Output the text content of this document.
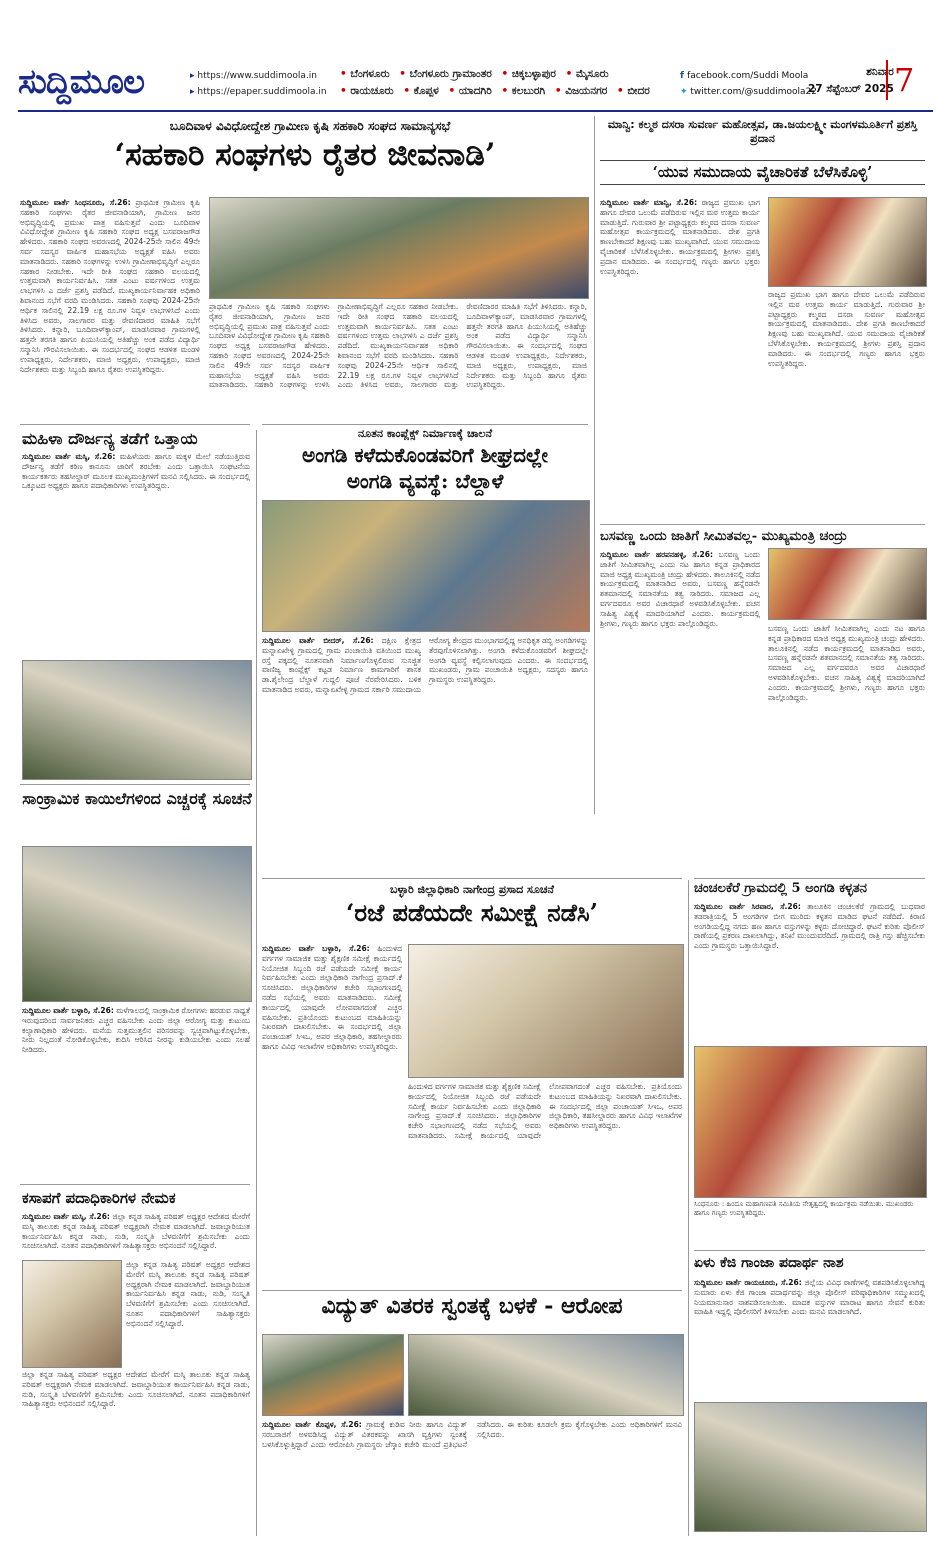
ಸುದ್ದಿಮೂಲ	▸ https://www.suddimoola.in
▸ https://epaper.suddimoola.in
• ಬೆಂಗಳೂರು • ಬೆಂಗಳೂರು ಗ್ರಾಮಾಂತರ • ಚಿಕ್ಕಬಳ್ಳಾಪುರ • ಮೈಸೂರು
• ರಾಯಚೂರು • ಕೊಪ್ಪಳ • ಯಾದಗಿರಿ • ಕಲಬುರಗಿ • ವಿಜಯನಗರ • ಬೀದರ
f facebook.com/Suddi Moola
✦ twitter.com/@suddimoola22
ಶನಿವಾರ
27 ಸೆಪ್ಟೆಂಬರ್ 2025 7
ಬೂದಿವಾಳ ವಿವಿಧೋದ್ದೇಶ ಗ್ರಾಮೀಣ ಕೃಷಿ ಸಹಕಾರಿ ಸಂಘದ ಸಾಮಾನ್ಯಸಭೆ
‘ಸಹಕಾರಿ ಸಂಘಗಳು ರೈತರ ಜೀವನಾಡಿ’

ಸುದ್ದಿಮೂಲ ವಾರ್ತೆ ಸಿಂಧನೂರು, ಸೆ.26: ಪ್ರಾಥಮಿಕ ಗ್ರಾಮೀಣ ಕೃಷಿ ಸಹಕಾರಿ ಸಂಘಗಳು ರೈತರ ಜೀವನಾಡಿಯಾಗಿ, ಗ್ರಾಮೀಣ ಜನರ ಅಭಿವೃದ್ಧಿಯಲ್ಲಿ ಪ್ರಮುಖ ಪಾತ್ರ ವಹಿಸುತ್ತವೆ ಎಂದು ಬೂದಿವಾಳ ವಿವಿಧೋದ್ದೇಶ ಗ್ರಾಮೀಣ ಕೃಷಿ ಸಹಕಾರಿ ಸಂಘದ ಅಧ್ಯಕ್ಷ ಬಸವರಾಜಗೌಡ ಹೇಳಿದರು. ಸಹಕಾರಿ ಸಂಘದ ಅವರಣದಲ್ಲಿ 2024-25ನೇ ಸಾಲಿನ 49ನೇ ಸರ್ವ ಸದಸ್ಯರ ವಾರ್ಷಿಕ ಮಹಾಸಭೆಯ ಅಧ್ಯಕ್ಷತೆ ವಹಿಸಿ ಅವರು ಮಾತನಾಡಿದರು. ಸಹಕಾರಿ ಸಂಘಗಳನ್ನು ಉಳಿಸಿ ಗ್ರಾಮೀಣಾಭಿವೃದ್ಧಿಗೆ ಎಲ್ಲರೂ ಸಹಕಾರ ನೀಡಬೇಕು. ಇದೇ ರೀತಿ ಸಂಘದ ಸಹಕಾರಿ ವಲಯದಲ್ಲಿ ಉತ್ತಮವಾಗಿ ಕಾರ್ಯನಿರ್ವಹಿಸಿ. ಸತತ ಎಂಟು ವರ್ಷಗಳಿಂದ ಉತ್ತಮ ಲಾಭಗಳಿಸಿ ಎ ದರ್ಜೆ ಪ್ರಶಸ್ತಿ ಪಡೆದಿದೆ. ಮುಖ್ಯಕಾರ್ಯನಿರ್ವಾಹಕ ಅಧಿಕಾರಿ ಶಿವಾನಂದ ಸಭೆಗೆ ವರದಿ ಮಂಡಿಸಿದರು. ಸಹಕಾರಿ ಸಂಘವು 2024-25ನೇ ಆರ್ಥಿಕ ಸಾಲಿನಲ್ಲಿ 22.19 ಲಕ್ಷ ರೂ.ಗಳ ನಿವ್ವಳ ಲಾಭಗಳಿಸಿದೆ ಎಂದು ತಿಳಿಸಿದ ಅವರು, ಸಾಲಗಾರರ ಮತ್ತು ಠೇವಣಿದಾರರ ಮಾಹಿತಿ ಸಭೆಗೆ ತಿಳಿಸಿದರು. ಕನ್ನಾರಿ, ಬೂದಿವಾಳ್‌ಕ್ಯಾಂಪ್, ಮಾಡಸಿರವಾರ ಗ್ರಾಮಗಳಲ್ಲಿ ಹತ್ತನೇ ತರಗತಿ ಹಾಗೂ ಪಿಯುಸಿಯಲ್ಲಿ ಅತಿಹೆಚ್ಚು ಅಂಕ ಪಡೆದ ವಿದ್ಯಾರ್ಥಿ ಸನ್ಮಾನಿಸಿ ಗೌರವಿಸಲಾಯಿತು. ಈ ಸಂದರ್ಭದಲ್ಲಿ ಸಂಘದ ಆಡಳಿತ ಮಂಡಳಿ ಉಪಾಧ್ಯಕ್ಷರು, ನಿರ್ದೇಶಕರು, ಮಾಜಿ ಅಧ್ಯಕ್ಷರು, ಉಪಾಧ್ಯಕ್ಷರು, ಮಾಜಿ ನಿರ್ದೇಶಕರು ಮತ್ತು ಸಿಬ್ಬಂದಿ ಹಾಗೂ ರೈತರು ಉಪಸ್ಥಿತರಿದ್ದರು.

ಪ್ರಾಥಮಿಕ ಗ್ರಾಮೀಣ ಕೃಷಿ ಸಹಕಾರಿ ಸಂಘಗಳು ರೈತರ ಜೀವನಾಡಿಯಾಗಿ, ಗ್ರಾಮೀಣ ಜನರ ಅಭಿವೃದ್ಧಿಯಲ್ಲಿ ಪ್ರಮುಖ ಪಾತ್ರ ವಹಿಸುತ್ತವೆ ಎಂದು ಬೂದಿವಾಳ ವಿವಿಧೋದ್ದೇಶ ಗ್ರಾಮೀಣ ಕೃಷಿ ಸಹಕಾರಿ ಸಂಘದ ಅಧ್ಯಕ್ಷ ಬಸವರಾಜಗೌಡ ಹೇಳಿದರು. ಸಹಕಾರಿ ಸಂಘದ ಅವರಣದಲ್ಲಿ 2024-25ನೇ ಸಾಲಿನ 49ನೇ ಸರ್ವ ಸದಸ್ಯರ ವಾರ್ಷಿಕ ಮಹಾಸಭೆಯ ಅಧ್ಯಕ್ಷತೆ ವಹಿಸಿ ಅವರು ಮಾತನಾಡಿದರು. ಸಹಕಾರಿ ಸಂಘಗಳನ್ನು ಉಳಿಸಿ ಗ್ರಾಮೀಣಾಭಿವೃದ್ಧಿಗೆ ಎಲ್ಲರೂ ಸಹಕಾರ ನೀಡಬೇಕು. ಇದೇ ರೀತಿ ಸಂಘದ ಸಹಕಾರಿ ವಲಯದಲ್ಲಿ ಉತ್ತಮವಾಗಿ ಕಾರ್ಯನಿರ್ವಹಿಸಿ. ಸತತ ಎಂಟು ವರ್ಷಗಳಿಂದ ಉತ್ತಮ ಲಾಭಗಳಿಸಿ ಎ ದರ್ಜೆ ಪ್ರಶಸ್ತಿ ಪಡೆದಿದೆ. ಮುಖ್ಯಕಾರ್ಯನಿರ್ವಾಹಕ ಅಧಿಕಾರಿ ಶಿವಾನಂದ ಸಭೆಗೆ ವರದಿ ಮಂಡಿಸಿದರು. ಸಹಕಾರಿ ಸಂಘವು 2024-25ನೇ ಆರ್ಥಿಕ ಸಾಲಿನಲ್ಲಿ 22.19 ಲಕ್ಷ ರೂ.ಗಳ ನಿವ್ವಳ ಲಾಭಗಳಿಸಿದೆ ಎಂದು ತಿಳಿಸಿದ ಅವರು, ಸಾಲಗಾರರ ಮತ್ತು ಠೇವಣಿದಾರರ ಮಾಹಿತಿ ಸಭೆಗೆ ತಿಳಿಸಿದರು. ಕನ್ನಾರಿ, ಬೂದಿವಾಳ್‌ಕ್ಯಾಂಪ್, ಮಾಡಸಿರವಾರ ಗ್ರಾಮಗಳಲ್ಲಿ ಹತ್ತನೇ ತರಗತಿ ಹಾಗೂ ಪಿಯುಸಿಯಲ್ಲಿ ಅತಿಹೆಚ್ಚು ಅಂಕ ಪಡೆದ ವಿದ್ಯಾರ್ಥಿ ಸನ್ಮಾನಿಸಿ ಗೌರವಿಸಲಾಯಿತು. ಈ ಸಂದರ್ಭದಲ್ಲಿ ಸಂಘದ ಆಡಳಿತ ಮಂಡಳಿ ಉಪಾಧ್ಯಕ್ಷರು, ನಿರ್ದೇಶಕರು, ಮಾಜಿ ಅಧ್ಯಕ್ಷರು, ಉಪಾಧ್ಯಕ್ಷರು, ಮಾಜಿ ನಿರ್ದೇಶಕರು ಮತ್ತು ಸಿಬ್ಬಂದಿ ಹಾಗೂ ರೈತರು ಉಪಸ್ಥಿತರಿದ್ದರು.

ಮಾನ್ವಿ: ಕಲ್ಮಠ ದಸರಾ ಸುವರ್ಣ ಮಹೋತ್ಸವ, ಡಾ.ಜಯಲಕ್ಷ್ಮೀ ಮಂಗಳಮೂರ್ತಿಗೆ ಪ್ರಶಸ್ತಿ ಪ್ರದಾನ
‘ಯುವ ಸಮುದಾಯ ವೈಚಾರಿಕತೆ ಬೆಳೆಸಿಕೊಳ್ಳಿ’

ಸುದ್ದಿಮೂಲ ವಾರ್ತೆ ಮಾನ್ವಿ, ಸೆ.26: ರಾಜ್ಯದ ಪ್ರಮುಖ ಭಾಗ ಹಾಗೂ ದೇವರ ಒಲುಮೆ ಪಡೆದಿರುವ ಇಲ್ಲಿನ ಮಠ ಉತ್ತಮ ಕಾರ್ಯ ಮಾಡುತ್ತಿದೆ. ಗುರುವಾರ ಶ್ರೀ ಪಟ್ಟಾಧ್ಯಕ್ಷರು ಕಲ್ಮಠದ ದಸರಾ ಸುವರ್ಣ ಮಹೋತ್ಸವ ಕಾರ್ಯಕ್ರಮದಲ್ಲಿ ಮಾತನಾಡಿದರು. ದೇಶ ಪ್ರಗತಿ ಕಾಣಬೇಕಾದರೆ ಶಿಕ್ಷಣವು ಬಹು ಮುಖ್ಯವಾಗಿದೆ. ಯುವ ಸಮುದಾಯ ವೈಚಾರಿಕತೆ ಬೆಳೆಸಿಕೊಳ್ಳಬೇಕು. ಕಾರ್ಯಕ್ರಮದಲ್ಲಿ ಶ್ರೀಗಳು ಪ್ರಶಸ್ತಿ ಪ್ರದಾನ ಮಾಡಿದರು. ಈ ಸಂದರ್ಭದಲ್ಲಿ ಗಣ್ಯರು ಹಾಗೂ ಭಕ್ತರು ಉಪಸ್ಥಿತರಿದ್ದರು.

ರಾಜ್ಯದ ಪ್ರಮುಖ ಭಾಗ ಹಾಗೂ ದೇವರ ಒಲುಮೆ ಪಡೆದಿರುವ ಇಲ್ಲಿನ ಮಠ ಉತ್ತಮ ಕಾರ್ಯ ಮಾಡುತ್ತಿದೆ. ಗುರುವಾರ ಶ್ರೀ ಪಟ್ಟಾಧ್ಯಕ್ಷರು ಕಲ್ಮಠದ ದಸರಾ ಸುವರ್ಣ ಮಹೋತ್ಸವ ಕಾರ್ಯಕ್ರಮದಲ್ಲಿ ಮಾತನಾಡಿದರು. ದೇಶ ಪ್ರಗತಿ ಕಾಣಬೇಕಾದರೆ ಶಿಕ್ಷಣವು ಬಹು ಮುಖ್ಯವಾಗಿದೆ. ಯುವ ಸಮುದಾಯ ವೈಚಾರಿಕತೆ ಬೆಳೆಸಿಕೊಳ್ಳಬೇಕು. ಕಾರ್ಯಕ್ರಮದಲ್ಲಿ ಶ್ರೀಗಳು ಪ್ರಶಸ್ತಿ ಪ್ರದಾನ ಮಾಡಿದರು. ಈ ಸಂದರ್ಭದಲ್ಲಿ ಗಣ್ಯರು ಹಾಗೂ ಭಕ್ತರು ಉಪಸ್ಥಿತರಿದ್ದರು.

ಮಹಿಳಾ ದೌರ್ಜನ್ಯ ತಡೆಗೆ ಒತ್ತಾಯ

ಸುದ್ದಿಮೂಲ ವಾರ್ತೆ ಮಸ್ಕಿ, ಸೆ.26: ಮಹಿಳೆಯರು ಹಾಗೂ ಮಕ್ಕಳ ಮೇಲೆ ನಡೆಯುತ್ತಿರುವ ದೌರ್ಜನ್ಯ ತಡೆಗೆ ಕಠಿಣ ಕಾನೂನು ಜಾರಿಗೆ ತರಬೇಕು ಎಂದು ಒತ್ತಾಯಿಸಿ ಸಂಘಟನೆಯ ಕಾರ್ಯಕರ್ತರು ತಹಸೀಲ್ದಾರ್ ಮೂಲಕ ಮುಖ್ಯಮಂತ್ರಿಗಳಿಗೆ ಮನವಿ ಸಲ್ಲಿಸಿದರು. ಈ ಸಂದರ್ಭದಲ್ಲಿ ಒಕ್ಕೂಟದ ಅಧ್ಯಕ್ಷರು ಹಾಗೂ ಪದಾಧಿಕಾರಿಗಳು ಉಪಸ್ಥಿತರಿದ್ದರು.

ನೂತನ ಕಾಂಪ್ಲೆಕ್ಸ್ ನಿರ್ಮಾಣಕ್ಕೆ ಚಾಲನೆ
ಅಂಗಡಿ ಕಳೆದುಕೊಂಡವರಿಗೆ ಶೀಘ್ರದಲ್ಲೇ
ಅಂಗಡಿ ವ್ಯವಸ್ಥೆ: ಬೆಲ್ದಾಳೆ

ಸುದ್ದಿಮೂಲ ವಾರ್ತೆ ಬೀದರ್, ಸೆ.26: ದಕ್ಷಿಣ ಕ್ಷೇತ್ರದ ಮನ್ನಾಏಖೇಳ್ಳಿ ಗ್ರಾಮದಲ್ಲಿ ಗ್ರಾಮ ಪಂಚಾಯಿತಿ ವತಿಯಿಂದ ಮುಖ್ಯ ರಸ್ತೆ ಪಕ್ಕದಲ್ಲಿ ನೂತನವಾಗಿ ನಿರ್ಮಾಣಗೊಳ್ಳಲಿರುವ ಸುಸಜ್ಜಿತ ವಾಣಿಜ್ಯ ಕಾಂಪ್ಲೆಕ್ಸ್ ಕಟ್ಟಡ ನಿರ್ಮಾಣ ಕಾಮಗಾರಿಗೆ ಶಾಸಕ ಡಾ.ಶೈಲೇಂದ್ರ ಬೆಲ್ದಾಳೆ ಗುದ್ದಲಿ ಪೂಜೆ ನೆರವೇರಿಸಿದರು. ಬಳಿಕ ಮಾತನಾಡಿದ ಅವರು, ಮನ್ನಾಏಖೇಳ್ಳಿ ಗ್ರಾಮದ ಸರ್ಕಾರಿ ಸಮುದಾಯ ಆರೋಗ್ಯ ಕೇಂದ್ರದ ಮುಂಭಾಗದಲ್ಲಿದ್ದ ಅನಧಿಕೃತ ಡಬ್ಬಿ ಅಂಗಡಿಗಳನ್ನು ತೆರವುಗೊಳಿಸಲಾಗಿತ್ತು. ಅಂಗಡಿ ಕಳೆದುಕೊಂಡವರಿಗೆ ಶೀಘ್ರದಲ್ಲೇ ಅಂಗಡಿ ವ್ಯವಸ್ಥೆ ಕಲ್ಪಿಸಲಾಗುವುದು ಎಂದರು. ಈ ಸಂದರ್ಭದಲ್ಲಿ ಮುಖಂಡರು, ಗ್ರಾಮ ಪಂಚಾಯಿತಿ ಅಧ್ಯಕ್ಷರು, ಸದಸ್ಯರು ಹಾಗೂ ಗ್ರಾಮಸ್ಥರು ಉಪಸ್ಥಿತರಿದ್ದರು.

ಬಸವಣ್ಣ ಒಂದು ಜಾತಿಗೆ ಸೀಮಿತವಲ್ಲ- ಮುಖ್ಯಮಂತ್ರಿ ಚಂದ್ರು

ಸುದ್ದಿಮೂಲ ವಾರ್ತೆ ಹರಪನಹಳ್ಳಿ, ಸೆ.26: ಬಸವಣ್ಣ ಒಂದು ಜಾತಿಗೆ ಸೀಮಿತವಾಗಿಲ್ಲ ಎಂದು ನಟ ಹಾಗೂ ಕನ್ನಡ ಪ್ರಾಧಿಕಾರದ ಮಾಜಿ ಅಧ್ಯಕ್ಷ ಮುಖ್ಯಮಂತ್ರಿ ಚಂದ್ರು ಹೇಳಿದರು. ತಾಲೂಕಿನಲ್ಲಿ ನಡೆದ ಕಾರ್ಯಕ್ರಮದಲ್ಲಿ ಮಾತನಾಡಿದ ಅವರು, ಬಸವಣ್ಣ ಹನ್ನೆರಡನೇ ಶತಮಾನದಲ್ಲಿ ಸಮಾನತೆಯ ತತ್ವ ಸಾರಿದರು. ಸಮಾಜದ ಎಲ್ಲ ವರ್ಗದವರೂ ಅವರ ವಿಚಾರಧಾರೆ ಅಳವಡಿಸಿಕೊಳ್ಳಬೇಕು. ವಚನ ಸಾಹಿತ್ಯ ವಿಶ್ವಕ್ಕೆ ಮಾದರಿಯಾಗಿದೆ ಎಂದರು. ಕಾರ್ಯಕ್ರಮದಲ್ಲಿ ಶ್ರೀಗಳು, ಗಣ್ಯರು ಹಾಗೂ ಭಕ್ತರು ಪಾಲ್ಗೊಂಡಿದ್ದರು.

ಬಸವಣ್ಣ ಒಂದು ಜಾತಿಗೆ ಸೀಮಿತವಾಗಿಲ್ಲ ಎಂದು ನಟ ಹಾಗೂ ಕನ್ನಡ ಪ್ರಾಧಿಕಾರದ ಮಾಜಿ ಅಧ್ಯಕ್ಷ ಮುಖ್ಯಮಂತ್ರಿ ಚಂದ್ರು ಹೇಳಿದರು. ತಾಲೂಕಿನಲ್ಲಿ ನಡೆದ ಕಾರ್ಯಕ್ರಮದಲ್ಲಿ ಮಾತನಾಡಿದ ಅವರು, ಬಸವಣ್ಣ ಹನ್ನೆರಡನೇ ಶತಮಾನದಲ್ಲಿ ಸಮಾನತೆಯ ತತ್ವ ಸಾರಿದರು. ಸಮಾಜದ ಎಲ್ಲ ವರ್ಗದವರೂ ಅವರ ವಿಚಾರಧಾರೆ ಅಳವಡಿಸಿಕೊಳ್ಳಬೇಕು. ವಚನ ಸಾಹಿತ್ಯ ವಿಶ್ವಕ್ಕೆ ಮಾದರಿಯಾಗಿದೆ ಎಂದರು. ಕಾರ್ಯಕ್ರಮದಲ್ಲಿ ಶ್ರೀಗಳು, ಗಣ್ಯರು ಹಾಗೂ ಭಕ್ತರು ಪಾಲ್ಗೊಂಡಿದ್ದರು.

ಸಾಂಕ್ರಾಮಿಕ ಕಾಯಿಲೆಗಳಿಂದ ಎಚ್ಚರಕ್ಕೆ ಸೂಚನೆ

ಸುದ್ದಿಮೂಲ ವಾರ್ತೆ ಬಳ್ಳಾರಿ, ಸೆ.26: ಮಳೆಗಾಲದಲ್ಲಿ ಸಾಂಕ್ರಾಮಿಕ ರೋಗಗಳು ಹರಡುವ ಸಾಧ್ಯತೆ ಇರುವುದರಿಂದ ಸಾರ್ವಜನಿಕರು ಎಚ್ಚರ ವಹಿಸಬೇಕು ಎಂದು ಜಿಲ್ಲಾ ಆರೋಗ್ಯ ಮತ್ತು ಕುಟುಂಬ ಕಲ್ಯಾಣಾಧಿಕಾರಿ ಹೇಳಿದರು. ಮನೆಯ ಸುತ್ತಮುತ್ತಲಿನ ಪರಿಸರವನ್ನು ಸ್ವಚ್ಛವಾಗಿಟ್ಟುಕೊಳ್ಳಬೇಕು, ನೀರು ನಿಲ್ಲದಂತೆ ನೋಡಿಕೊಳ್ಳಬೇಕು, ಕುದಿಸಿ ಆರಿಸಿದ ನೀರನ್ನು ಕುಡಿಯಬೇಕು ಎಂದು ಸಲಹೆ ನೀಡಿದರು.

ಬಳ್ಳಾರಿ ಜಿಲ್ಲಾಧಿಕಾರಿ ನಾಗೇಂದ್ರ ಪ್ರಸಾದ ಸೂಚನೆ
‘ರಜೆ ಪಡೆಯದೇ ಸಮೀಕ್ಷೆ ನಡೆಸಿ’

ಸುದ್ದಿಮೂಲ ವಾರ್ತೆ ಬಳ್ಳಾರಿ, ಸೆ.26: ಹಿಂದುಳಿದ ವರ್ಗಗಳ ಸಾಮಾಜಿಕ ಮತ್ತು ಶೈಕ್ಷಣಿಕ ಸಮೀಕ್ಷೆ ಕಾರ್ಯದಲ್ಲಿ ನಿಯೋಜಿತ ಸಿಬ್ಬಂದಿ ರಜೆ ಪಡೆಯದೇ ಸಮೀಕ್ಷೆ ಕಾರ್ಯ ನಿರ್ವಹಿಸಬೇಕು ಎಂದು ಜಿಲ್ಲಾಧಿಕಾರಿ ನಾಗೇಂದ್ರ ಪ್ರಸಾದ್.ಕೆ ಸೂಚಿಸಿದರು. ಜಿಲ್ಲಾಧಿಕಾರಿಗಳ ಕಚೇರಿ ಸಭಾಂಗಣದಲ್ಲಿ ನಡೆದ ಸಭೆಯಲ್ಲಿ ಅವರು ಮಾತನಾಡಿದರು. ಸಮೀಕ್ಷೆ ಕಾರ್ಯದಲ್ಲಿ ಯಾವುದೇ ಲೋಪವಾಗದಂತೆ ಎಚ್ಚರ ವಹಿಸಬೇಕು. ಪ್ರತಿಯೊಂದು ಕುಟುಂಬದ ಮಾಹಿತಿಯನ್ನು ನಿಖರವಾಗಿ ದಾಖಲಿಸಬೇಕು. ಈ ಸಂದರ್ಭದಲ್ಲಿ ಜಿಲ್ಲಾ ಪಂಚಾಯತ್ ಸಿಇಒ, ಅಪರ ಜಿಲ್ಲಾಧಿಕಾರಿ, ತಹಸೀಲ್ದಾರರು ಹಾಗೂ ವಿವಿಧ ಇಲಾಖೆಗಳ ಅಧಿಕಾರಿಗಳು ಉಪಸ್ಥಿತರಿದ್ದರು.

ಹಿಂದುಳಿದ ವರ್ಗಗಳ ಸಾಮಾಜಿಕ ಮತ್ತು ಶೈಕ್ಷಣಿಕ ಸಮೀಕ್ಷೆ ಕಾರ್ಯದಲ್ಲಿ ನಿಯೋಜಿತ ಸಿಬ್ಬಂದಿ ರಜೆ ಪಡೆಯದೇ ಸಮೀಕ್ಷೆ ಕಾರ್ಯ ನಿರ್ವಹಿಸಬೇಕು ಎಂದು ಜಿಲ್ಲಾಧಿಕಾರಿ ನಾಗೇಂದ್ರ ಪ್ರಸಾದ್.ಕೆ ಸೂಚಿಸಿದರು. ಜಿಲ್ಲಾಧಿಕಾರಿಗಳ ಕಚೇರಿ ಸಭಾಂಗಣದಲ್ಲಿ ನಡೆದ ಸಭೆಯಲ್ಲಿ ಅವರು ಮಾತನಾಡಿದರು. ಸಮೀಕ್ಷೆ ಕಾರ್ಯದಲ್ಲಿ ಯಾವುದೇ ಲೋಪವಾಗದಂತೆ ಎಚ್ಚರ ವಹಿಸಬೇಕು. ಪ್ರತಿಯೊಂದು ಕುಟುಂಬದ ಮಾಹಿತಿಯನ್ನು ನಿಖರವಾಗಿ ದಾಖಲಿಸಬೇಕು. ಈ ಸಂದರ್ಭದಲ್ಲಿ ಜಿಲ್ಲಾ ಪಂಚಾಯತ್ ಸಿಇಒ, ಅಪರ ಜಿಲ್ಲಾಧಿಕಾರಿ, ತಹಸೀಲ್ದಾರರು ಹಾಗೂ ವಿವಿಧ ಇಲಾಖೆಗಳ ಅಧಿಕಾರಿಗಳು ಉಪಸ್ಥಿತರಿದ್ದರು.

ಚಂಚಲಕೆರೆ ಗ್ರಾಮದಲ್ಲಿ 5 ಅಂಗಡಿ ಕಳ್ಳತನ

ಸುದ್ದಿಮೂಲ ವಾರ್ತೆ ಸಿರವಾರ, ಸೆ.26: ತಾಲೂಕಿನ ಚಂಚಲಕೆರೆ ಗ್ರಾಮದಲ್ಲಿ ಬುಧವಾರ ತಡರಾತ್ರಿಯಲ್ಲಿ 5 ಅಂಗಡಿಗಳ ಬೀಗ ಮುರಿದು ಕಳ್ಳತನ ಮಾಡಿದ ಘಟನೆ ನಡೆದಿದೆ. ಕಿರಾಣಿ ಅಂಗಡಿಯಲ್ಲಿದ್ದ ನಗದು ಹಣ ಹಾಗೂ ವಸ್ತುಗಳನ್ನು ಕಳ್ಳರು ದೋಚಿದ್ದಾರೆ. ಘಟನೆ ಕುರಿತು ಪೊಲೀಸ್ ಠಾಣೆಯಲ್ಲಿ ಪ್ರಕರಣ ದಾಖಲಾಗಿದ್ದು, ತನಿಖೆ ಮುಂದುವರೆದಿದೆ. ಗ್ರಾಮದಲ್ಲಿ ರಾತ್ರಿ ಗಸ್ತು ಹೆಚ್ಚಿಸಬೇಕು ಎಂದು ಗ್ರಾಮಸ್ಥರು ಒತ್ತಾಯಿಸಿದ್ದಾರೆ.

ಸಿಂಧನೂರು : ಹಿಂದೂ ಮಹಾಗಣಪತಿ ಸಮಿತಿಯ ನೇತೃತ್ವದಲ್ಲಿ ಕಾರ್ಯಕ್ರಮ ನಡೆಯಿತು. ಮುಖಂಡರು ಹಾಗೂ ಗಣ್ಯರು ಉಪಸ್ಥಿತರಿದ್ದರು.
ಕಸಾಪಗೆ ಪದಾಧಿಕಾರಿಗಳ ನೇಮಕ

ಸುದ್ದಿಮೂಲ ವಾರ್ತೆ ಮಸ್ಕಿ, ಸೆ.26: ಜಿಲ್ಲಾ ಕನ್ನಡ ಸಾಹಿತ್ಯ ಪರಿಷತ್ ಅಧ್ಯಕ್ಷರ ಆದೇಶದ ಮೇರೆಗೆ ಮಸ್ಕಿ ತಾಲೂಕು ಕನ್ನಡ ಸಾಹಿತ್ಯ ಪರಿಷತ್ ಅಧ್ಯಕ್ಷರಾಗಿ ನೇಮಕ ಮಾಡಲಾಗಿದೆ. ಜವಾಬ್ದಾರಿಯುತ ಕಾರ್ಯನಿರ್ವಹಿಸಿ ಕನ್ನಡ ನಾಡು, ನುಡಿ, ಸಂಸ್ಕೃತಿ ಬೆಳವಣಿಗೆಗೆ ಶ್ರಮಿಸಬೇಕು ಎಂದು ಸೂಚಿಸಲಾಗಿದೆ. ನೂತನ ಪದಾಧಿಕಾರಿಗಳಿಗೆ ಸಾಹಿತ್ಯಾಸಕ್ತರು ಅಭಿನಂದನೆ ಸಲ್ಲಿಸಿದ್ದಾರೆ.

ಜಿಲ್ಲಾ ಕನ್ನಡ ಸಾಹಿತ್ಯ ಪರಿಷತ್ ಅಧ್ಯಕ್ಷರ ಆದೇಶದ ಮೇರೆಗೆ ಮಸ್ಕಿ ತಾಲೂಕು ಕನ್ನಡ ಸಾಹಿತ್ಯ ಪರಿಷತ್ ಅಧ್ಯಕ್ಷರಾಗಿ ನೇಮಕ ಮಾಡಲಾಗಿದೆ. ಜವಾಬ್ದಾರಿಯುತ ಕಾರ್ಯನಿರ್ವಹಿಸಿ ಕನ್ನಡ ನಾಡು, ನುಡಿ, ಸಂಸ್ಕೃತಿ ಬೆಳವಣಿಗೆಗೆ ಶ್ರಮಿಸಬೇಕು ಎಂದು ಸೂಚಿಸಲಾಗಿದೆ. ನೂತನ ಪದಾಧಿಕಾರಿಗಳಿಗೆ ಸಾಹಿತ್ಯಾಸಕ್ತರು ಅಭಿನಂದನೆ ಸಲ್ಲಿಸಿದ್ದಾರೆ.

ಜಿಲ್ಲಾ ಕನ್ನಡ ಸಾಹಿತ್ಯ ಪರಿಷತ್ ಅಧ್ಯಕ್ಷರ ಆದೇಶದ ಮೇರೆಗೆ ಮಸ್ಕಿ ತಾಲೂಕು ಕನ್ನಡ ಸಾಹಿತ್ಯ ಪರಿಷತ್ ಅಧ್ಯಕ್ಷರಾಗಿ ನೇಮಕ ಮಾಡಲಾಗಿದೆ. ಜವಾಬ್ದಾರಿಯುತ ಕಾರ್ಯನಿರ್ವಹಿಸಿ ಕನ್ನಡ ನಾಡು, ನುಡಿ, ಸಂಸ್ಕೃತಿ ಬೆಳವಣಿಗೆಗೆ ಶ್ರಮಿಸಬೇಕು ಎಂದು ಸೂಚಿಸಲಾಗಿದೆ. ನೂತನ ಪದಾಧಿಕಾರಿಗಳಿಗೆ ಸಾಹಿತ್ಯಾಸಕ್ತರು ಅಭಿನಂದನೆ ಸಲ್ಲಿಸಿದ್ದಾರೆ.

ವಿದ್ಯುತ್ ವಿತರಕ ಸ್ವಂತಕ್ಕೆ ಬಳಕೆ - ಆರೋಪ

ಸುದ್ದಿಮೂಲ ವಾರ್ತೆ ಕೊಪ್ಪಳ, ಸೆ.26: ಗ್ರಾಮಕ್ಕೆ ಕುಡಿವ ನೀರು ಹಾಗೂ ವಿದ್ಯುತ್ ಸರಬರಾಜಿಗೆ ಅಳವಡಿಸಿದ್ದ ವಿದ್ಯುತ್ ವಿತರಕವನ್ನು ಖಾಸಗಿ ವ್ಯಕ್ತಿಗಳು ಸ್ವಂತಕ್ಕೆ ಬಳಸಿಕೊಳ್ಳುತ್ತಿದ್ದಾರೆ ಎಂದು ಆರೋಪಿಸಿ ಗ್ರಾಮಸ್ಥರು ಜೆಸ್ಕಾಂ ಕಚೇರಿ ಮುಂದೆ ಪ್ರತಿಭಟನೆ ನಡೆಸಿದರು. ಈ ಕುರಿತು ಕೂಡಲೇ ಕ್ರಮ ಕೈಗೊಳ್ಳಬೇಕು ಎಂದು ಅಧಿಕಾರಿಗಳಿಗೆ ಮನವಿ ಸಲ್ಲಿಸಿದರು.

ಏಳು ಕೆಜಿ ಗಾಂಜಾ ಪದಾರ್ಥ ನಾಶ

ಸುದ್ದಿಮೂಲ ವಾರ್ತೆ ರಾಯಚೂರು, ಸೆ.26: ಜಿಲ್ಲೆಯ ವಿವಿಧ ಠಾಣೆಗಳಲ್ಲಿ ವಶಪಡಿಸಿಕೊಳ್ಳಲಾಗಿದ್ದ ಸುಮಾರು ಏಳು ಕೆಜಿ ಗಾಂಜಾ ಪದಾರ್ಥವನ್ನು ಜಿಲ್ಲಾ ಪೊಲೀಸ್ ವರಿಷ್ಠಾಧಿಕಾರಿಗಳ ಸಮ್ಮುಖದಲ್ಲಿ ನಿಯಮಾನುಸಾರ ನಾಶಪಡಿಸಲಾಯಿತು. ಮಾದಕ ವಸ್ತುಗಳ ಮಾರಾಟ ಹಾಗೂ ಸೇವನೆ ಕುರಿತು ಮಾಹಿತಿ ಇದ್ದಲ್ಲಿ ಪೊಲೀಸರಿಗೆ ತಿಳಿಸಬೇಕು ಎಂದು ಮನವಿ ಮಾಡಲಾಗಿದೆ.
